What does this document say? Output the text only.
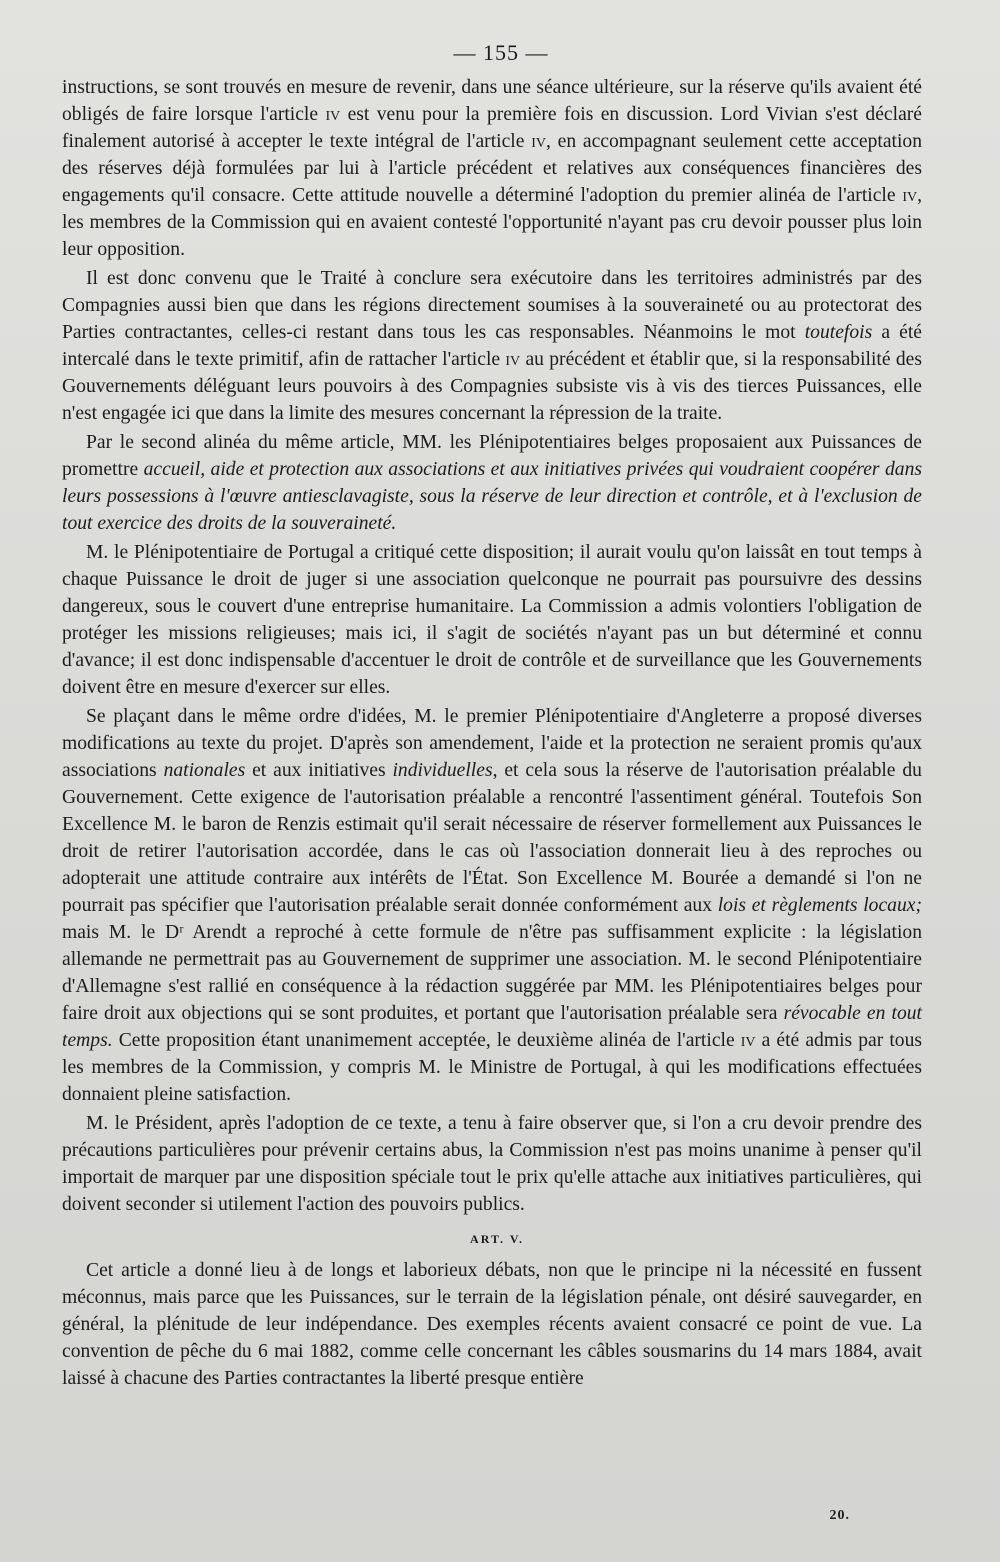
— 155 —

instructions, se sont trouvés en mesure de revenir, dans une séance ultérieure, sur la réserve qu'ils avaient été obligés de faire lorsque l'article iv est venu pour la première fois en discussion. Lord Vivian s'est déclaré finalement autorisé à accepter le texte intégral de l'article iv, en accompagnant seulement cette acceptation des réserves déjà formulées par lui à l'article précédent et relatives aux conséquences financières des engagements qu'il consacre. Cette attitude nouvelle a déterminé l'adoption du premier alinéa de l'article iv, les membres de la Commission qui en avaient contesté l'opportunité n'ayant pas cru devoir pousser plus loin leur opposition.

Il est donc convenu que le Traité à conclure sera exécutoire dans les territoires administrés par des Compagnies aussi bien que dans les régions directement soumises à la souveraineté ou au protectorat des Parties contractantes, celles-ci restant dans tous les cas responsables. Néanmoins le mot toutefois a été intercalé dans le texte primitif, afin de rattacher l'article iv au précédent et établir que, si la responsabilité des Gouvernements déléguant leurs pouvoirs à des Compagnies subsiste vis à vis des tierces Puissances, elle n'est engagée ici que dans la limite des mesures concernant la répression de la traite.

Par le second alinéa du même article, MM. les Plénipotentiaires belges proposaient aux Puissances de promettre accueil, aide et protection aux associations et aux initiatives privées qui voudraient coopérer dans leurs possessions à l'œuvre antiesclavagiste, sous la réserve de leur direction et contrôle, et à l'exclusion de tout exercice des droits de la souveraineté.

M. le Plénipotentiaire de Portugal a critiqué cette disposition; il aurait voulu qu'on laissât en tout temps à chaque Puissance le droit de juger si une association quelconque ne pourrait pas poursuivre des dessins dangereux, sous le couvert d'une entreprise humanitaire. La Commission a admis volontiers l'obligation de protéger les missions religieuses; mais ici, il s'agit de sociétés n'ayant pas un but déterminé et connu d'avance; il est donc indispensable d'accentuer le droit de contrôle et de surveillance que les Gouvernements doivent être en mesure d'exercer sur elles.

Se plaçant dans le même ordre d'idées, M. le premier Plénipotentiaire d'Angleterre a proposé diverses modifications au texte du projet. D'après son amendement, l'aide et la protection ne seraient promis qu'aux associations nationales et aux initiatives individuelles, et cela sous la réserve de l'autorisation préalable du Gouvernement. Cette exigence de l'autorisation préalable a rencontré l'assentiment général. Toutefois Son Excellence M. le baron de Renzis estimait qu'il serait nécessaire de réserver formellement aux Puissances le droit de retirer l'autorisation accordée, dans le cas où l'association donnerait lieu à des reproches ou adopterait une attitude contraire aux intérêts de l'État. Son Excellence M. Bourée a demandé si l'on ne pourrait pas spécifier que l'autorisation préalable serait donnée conformément aux lois et règlements locaux; mais M. le Dʳ Arendt a reproché à cette formule de n'être pas suffisamment explicite : la législation allemande ne permettrait pas au Gouvernement de supprimer une association. M. le second Plénipotentiaire d'Allemagne s'est rallié en conséquence à la rédaction suggérée par MM. les Plénipotentiaires belges pour faire droit aux objections qui se sont produites, et portant que l'autorisation préalable sera révocable en tout temps. Cette proposition étant unanimement acceptée, le deuxième alinéa de l'article iv a été admis par tous les membres de la Commission, y compris M. le Ministre de Portugal, à qui les modifications effectuées donnaient pleine satisfaction.

M. le Président, après l'adoption de ce texte, a tenu à faire observer que, si l'on a cru devoir prendre des précautions particulières pour prévenir certains abus, la Commission n'est pas moins unanime à penser qu'il importait de marquer par une disposition spéciale tout le prix qu'elle attache aux initiatives particulières, qui doivent seconder si utilement l'action des pouvoirs publics.

ART. V.

Cet article a donné lieu à de longs et laborieux débats, non que le principe ni la nécessité en fussent méconnus, mais parce que les Puissances, sur le terrain de la législation pénale, ont désiré sauvegarder, en général, la plénitude de leur indépendance. Des exemples récents avaient consacré ce point de vue. La convention de pêche du 6 mai 1882, comme celle concernant les câbles sousmarins du 14 mars 1884, avait laissé à chacune des Parties contractantes la liberté presque entière

20.
